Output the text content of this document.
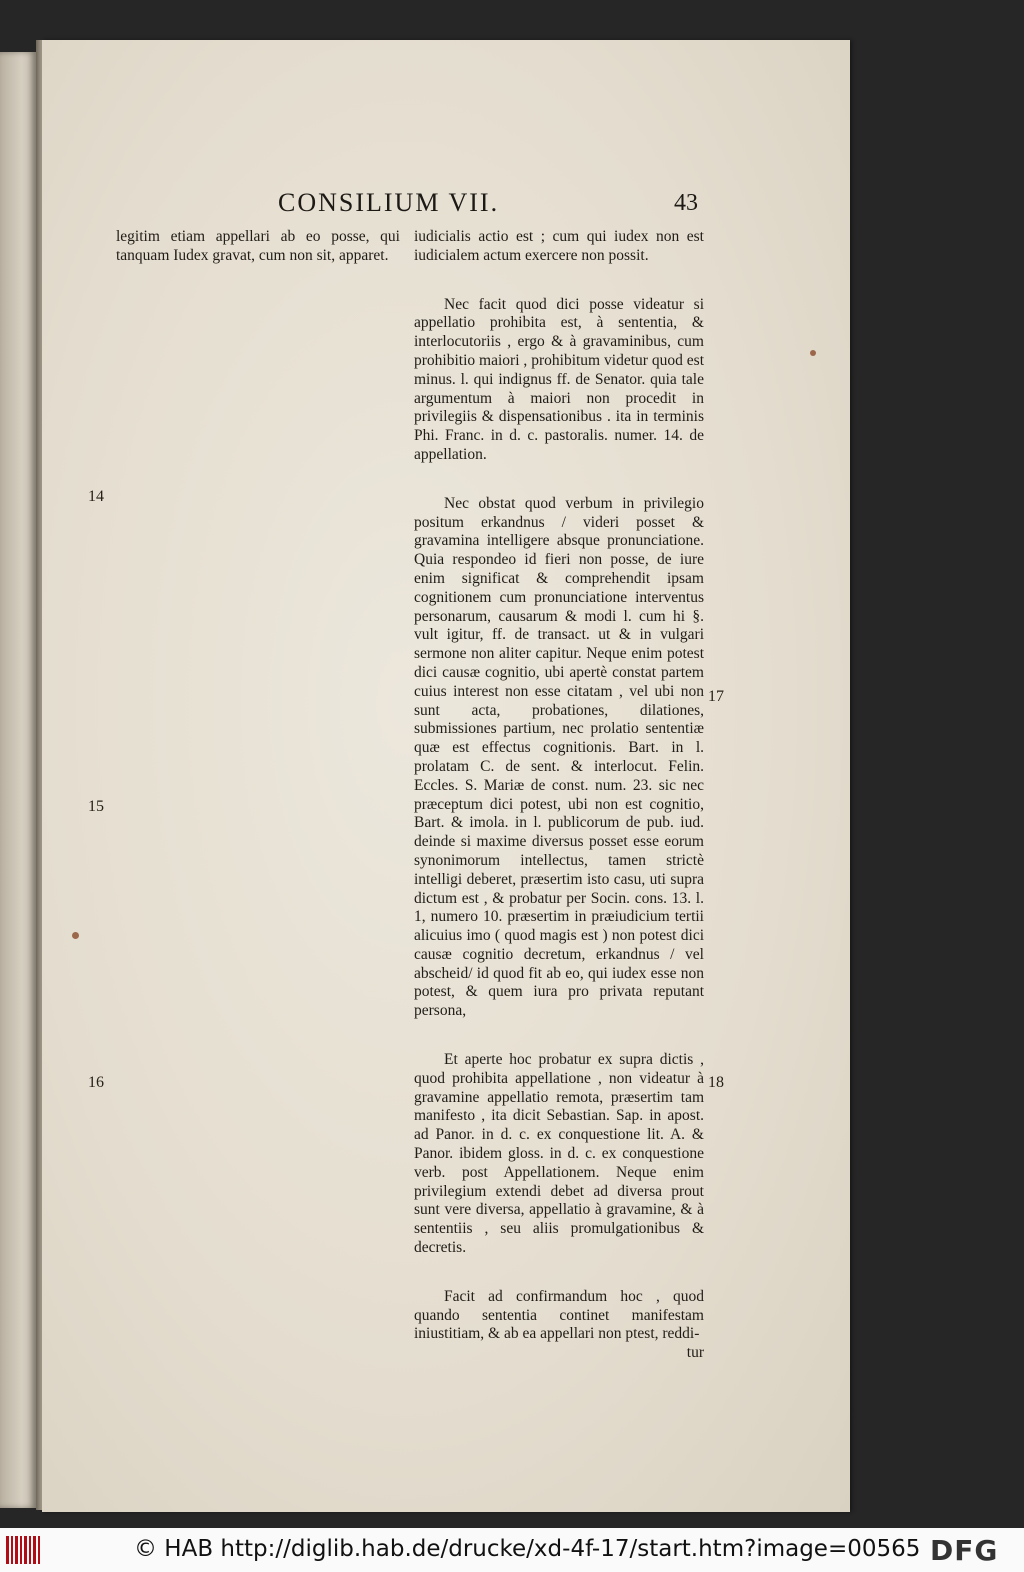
CONSILIUM VII.	43

legitim etiam appellari ab eo posse, qui tanquam Iudex gravat, cum non sit, apparet.

iudicialis actio est ; cum qui iudex non est iudicialem actum exercere non possit.

Nec facit quod dici posse videatur si appellatio prohibita est, à sententia, & interlocutoriis , ergo & à gravaminibus, cum prohibitio maiori , prohibitum videtur quod est minus. l. qui indignus ff. de Senator. quia tale argumentum à maiori non procedit in privilegiis & dispensationibus . ita in terminis Phi. Franc. in d. c. pastoralis. numer. 14. de appellation.

Nec obstat quod verbum in privilegio positum erkandnus / videri posset & gravamina intelligere absque pronunciatione. Quia respondeo id fieri non posse, de iure enim significat & comprehendit ipsam cognitionem cum pronunciatione interventus personarum, causarum & modi l. cum hi §. vult igitur, ff. de transact. ut & in vulgari sermone non aliter capitur. Neque enim potest dici causæ cognitio, ubi apertè constat partem cuius interest non esse citatam , vel ubi non sunt acta, probationes, dilationes, submissiones partium, nec prolatio sententiæ quæ est effectus cognitionis. Bart. in l. prolatam C. de sent. & interlocut. Felin. Eccles. S. Mariæ de const. num. 23. sic nec præceptum dici potest, ubi non est cognitio, Bart. & imola. in l. publicorum de pub. iud. deinde si maxime diversus posset esse eorum synonimorum intellectus, tamen strictè intelligi deberet, præsertim isto casu, uti supra dictum est , & probatur per Socin. cons. 13. l. 1, numero 10. præsertim in præiudicium tertii alicuius imo ( quod magis est ) non potest dici causæ cognitio decretum, erkandnus / vel abscheid/ id quod fit ab eo, qui iudex esse non potest, & quem iura pro privata reputant persona,

Et aperte hoc probatur ex supra dictis , quod prohibita appellatione , non videatur à gravamine appellatio remota, præsertim tam manifesto , ita dicit Sebastian. Sap. in apost. ad Panor. in d. c. ex conquestione lit. A. & Panor. ibidem gloss. in d. c. ex conquestione verb. post Appellationem. Neque enim privilegium extendi debet ad diversa prout sunt vere diversa, appellatio à gravamine, & à sententiis , seu aliis promulgationibus & decretis.

Facit ad confirmandum hoc , quod quando sententia continet manifestam iniustitiam, & ab ea appellari non ptest, reddi-

tur
14
15
16
17
18
© HAB http://diglib.hab.de/drucke/xd-4f-17/start.htm?image=00565 DFG
